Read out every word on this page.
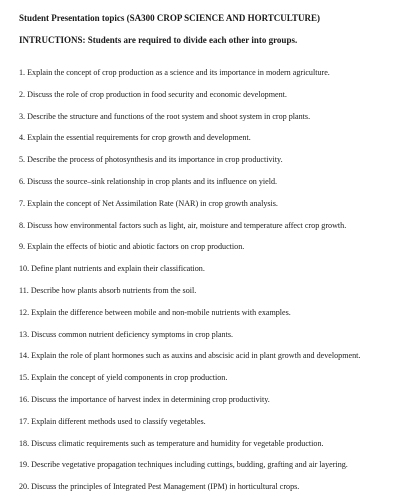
Student Presentation topics (SA300 CROP SCIENCE AND HORTCULTURE)
INTRUCTIONS: Students are required to divide each other into groups.
1. Explain the concept of crop production as a science and its importance in modern agriculture.
2. Discuss the role of crop production in food security and economic development.
3. Describe the structure and functions of the root system and shoot system in crop plants.
4. Explain the essential requirements for crop growth and development.
5. Describe the process of photosynthesis and its importance in crop productivity.
6. Discuss the source–sink relationship in crop plants and its influence on yield.
7. Explain the concept of Net Assimilation Rate (NAR) in crop growth analysis.
8. Discuss how environmental factors such as light, air, moisture and temperature affect crop growth.
9. Explain the effects of biotic and abiotic factors on crop production.
10. Define plant nutrients and explain their classification.
11. Describe how plants absorb nutrients from the soil.
12. Explain the difference between mobile and non-mobile nutrients with examples.
13. Discuss common nutrient deficiency symptoms in crop plants.
14. Explain the role of plant hormones such as auxins and abscisic acid in plant growth and development.
15. Explain the concept of yield components in crop production.
16. Discuss the importance of harvest index in determining crop productivity.
17. Explain different methods used to classify vegetables.
18. Discuss climatic requirements such as temperature and humidity for vegetable production.
19. Describe vegetative propagation techniques including cuttings, budding, grafting and air layering.
20. Discuss the principles of Integrated Pest Management (IPM) in horticultural crops.
